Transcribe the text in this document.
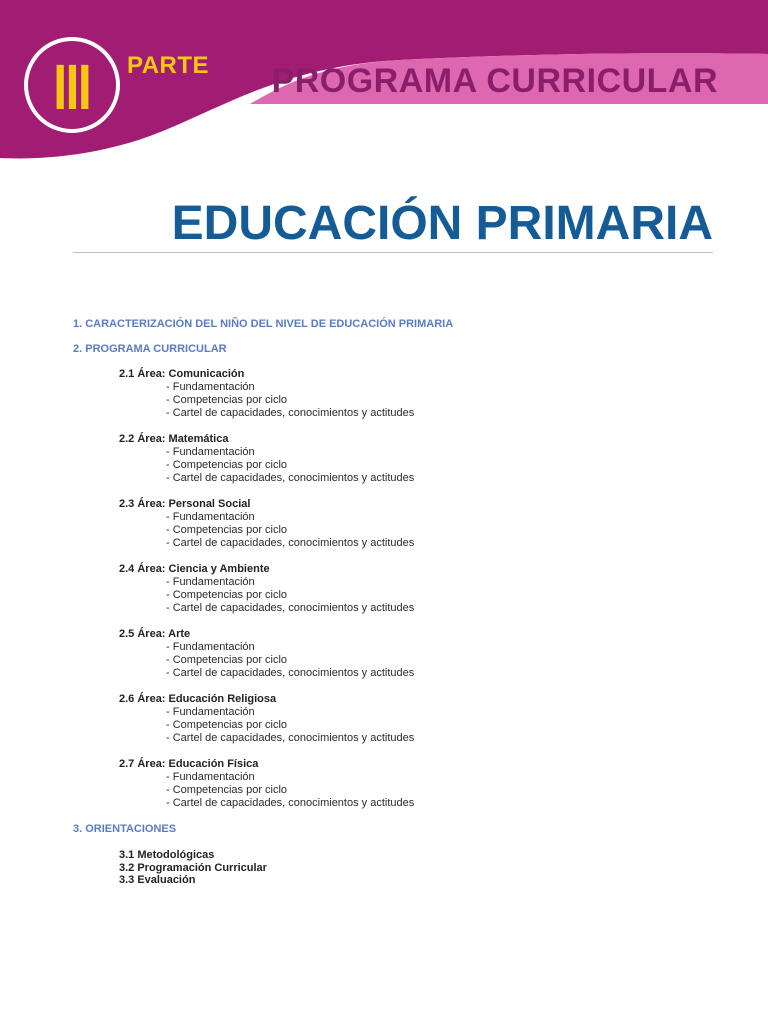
III PARTE PROGRAMA CURRICULAR
EDUCACIÓN PRIMARIA
1. CARACTERIZACIÓN DEL NIÑO DEL NIVEL DE EDUCACIÓN PRIMARIA
2. PROGRAMA CURRICULAR
2.1 Área: Comunicación
- Fundamentación
- Competencias por ciclo
- Cartel de capacidades, conocimientos y actitudes
2.2 Área: Matemática
- Fundamentación
- Competencias por ciclo
- Cartel de capacidades, conocimientos y actitudes
2.3 Área: Personal Social
- Fundamentación
- Competencias por ciclo
- Cartel de capacidades, conocimientos y actitudes
2.4 Área: Ciencia y Ambiente
- Fundamentación
- Competencias por ciclo
- Cartel de capacidades, conocimientos y actitudes
2.5 Área: Arte
- Fundamentación
- Competencias por ciclo
- Cartel de capacidades, conocimientos y actitudes
2.6 Área: Educación Religiosa
- Fundamentación
- Competencias por ciclo
- Cartel de capacidades, conocimientos y actitudes
2.7 Área: Educación Física
- Fundamentación
- Competencias por ciclo
- Cartel de capacidades, conocimientos y actitudes
3. ORIENTACIONES
3.1 Metodológicas
3.2 Programación Curricular
3.3 Evaluación
